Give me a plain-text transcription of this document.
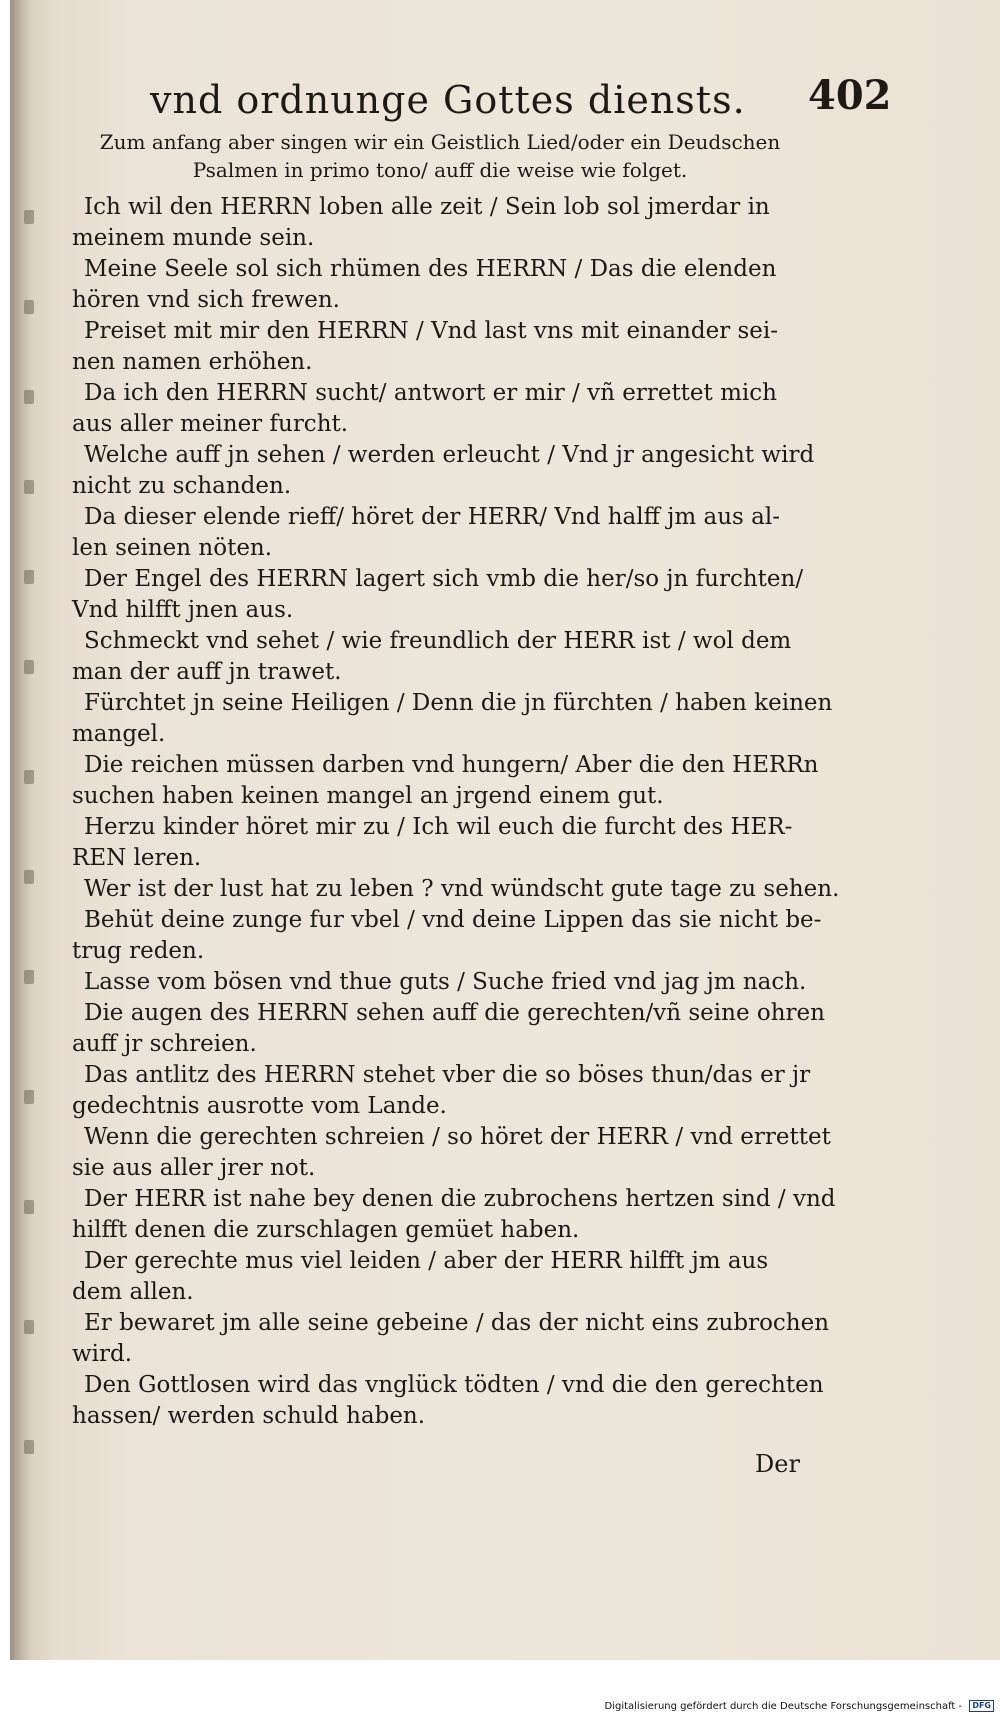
vnd ordnunge Gottes diensts. 402

Zum anfang aber singen wir ein Geistlich Lied/oder ein Deudschen

Psalmen in primo tono/ auff die weise wie folget.

Ich wil den HERRN loben alle zeit / Sein lob sol jmerdar in
meinem munde sein.
Meine Seele sol sich rhümen des HERRN / Das die elenden
hören vnd sich frewen.
Preiset mit mir den HERRN / Vnd last vns mit einander sei-
nen namen erhöhen.
Da ich den HERRN sucht/ antwort er mir / vñ errettet mich
aus aller meiner furcht.
Welche auff jn sehen / werden erleucht / Vnd jr angesicht wird
nicht zu schanden.
Da dieser elende rieff/ höret der HERR/ Vnd halff jm aus al-
len seinen nöten.
Der Engel des HERRN lagert sich vmb die her/so jn furchten/
Vnd hilfft jnen aus.
Schmeckt vnd sehet / wie freundlich der HERR ist / wol dem
man der auff jn trawet.
Fürchtet jn seine Heiligen / Denn die jn fürchten / haben keinen
mangel.
Die reichen müssen darben vnd hungern/ Aber die den HERRn
suchen haben keinen mangel an jrgend einem gut.
Herzu kinder höret mir zu / Ich wil euch die furcht des HER-
REN leren.
Wer ist der lust hat zu leben ? vnd wündscht gute tage zu sehen.
Behüt deine zunge fur vbel / vnd deine Lippen das sie nicht be-
trug reden.
Lasse vom bösen vnd thue guts / Suche fried vnd jag jm nach.
Die augen des HERRN sehen auff die gerechten/vñ seine ohren
auff jr schreien.
Das antlitz des HERRN stehet vber die so böses thun/das er jr
gedechtnis ausrotte vom Lande.
Wenn die gerechten schreien / so höret der HERR / vnd errettet
sie aus aller jrer not.
Der HERR ist nahe bey denen die zubrochens hertzen sind / vnd
hilfft denen die zurschlagen gemüet haben.
Der gerechte mus viel leiden / aber der HERR hilfft jm aus
dem allen.
Er bewaret jm alle seine gebeine / das der nicht eins zubrochen
wird.
Den Gottlosen wird das vnglück tödten / vnd die den gerechten
hassen/ werden schuld haben.
Der
Digitalisierung gefördert durch die Deutsche Forschungsgemeinschaft - DFG
